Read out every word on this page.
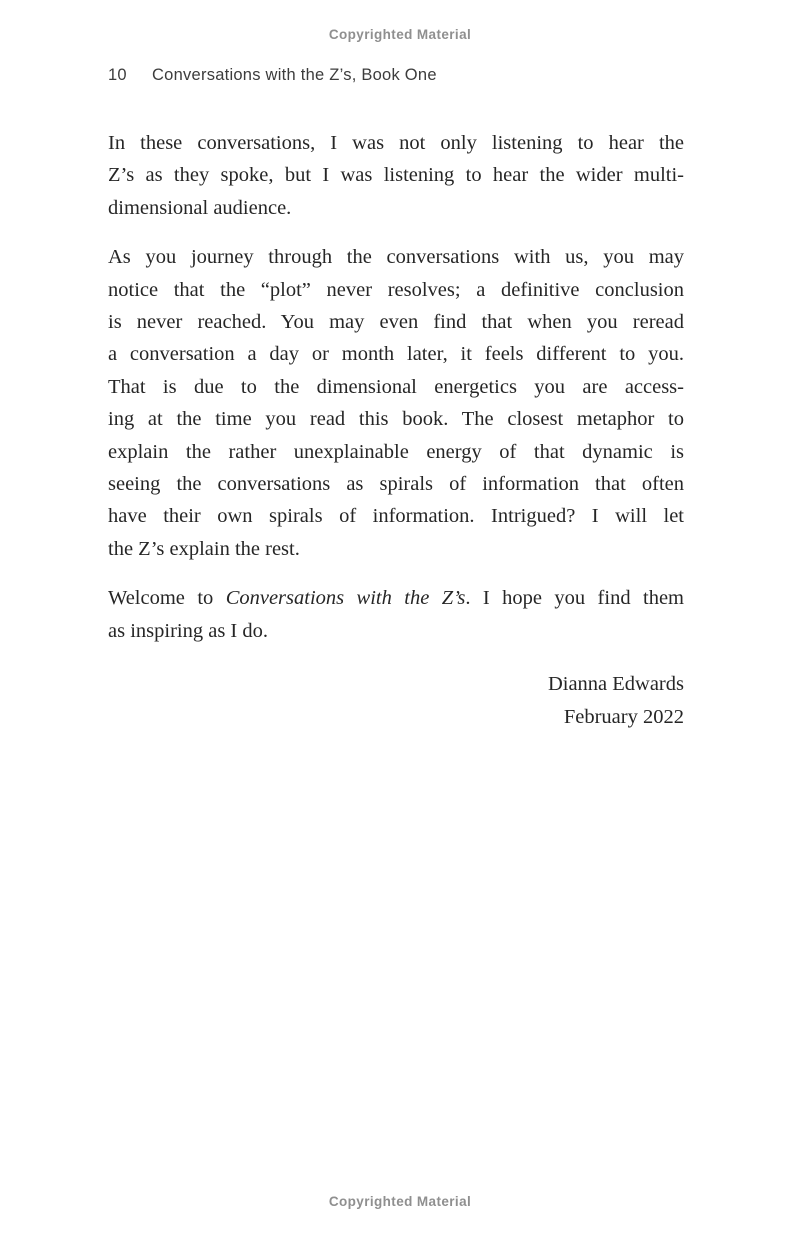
Copyrighted Material
10	Conversations with the Z’s, Book One
In these conversations, I was not only listening to hear the
Z’s as they spoke, but I was listening to hear the wider multi-
dimensional audience.
As you journey through the conversations with us, you may
notice that the “plot” never resolves; a definitive conclusion
is never reached. You may even find that when you reread
a conversation a day or month later, it feels different to you.
That is due to the dimensional energetics you are access-
ing at the time you read this book. The closest metaphor to
explain the rather unexplainable energy of that dynamic is
seeing the conversations as spirals of information that often
have their own spirals of information. Intrigued? I will let
the Z’s explain the rest.
Welcome to Conversations with the Z’s. I hope you find them
as inspiring as I do.
Dianna Edwards
February 2022
Copyrighted Material
